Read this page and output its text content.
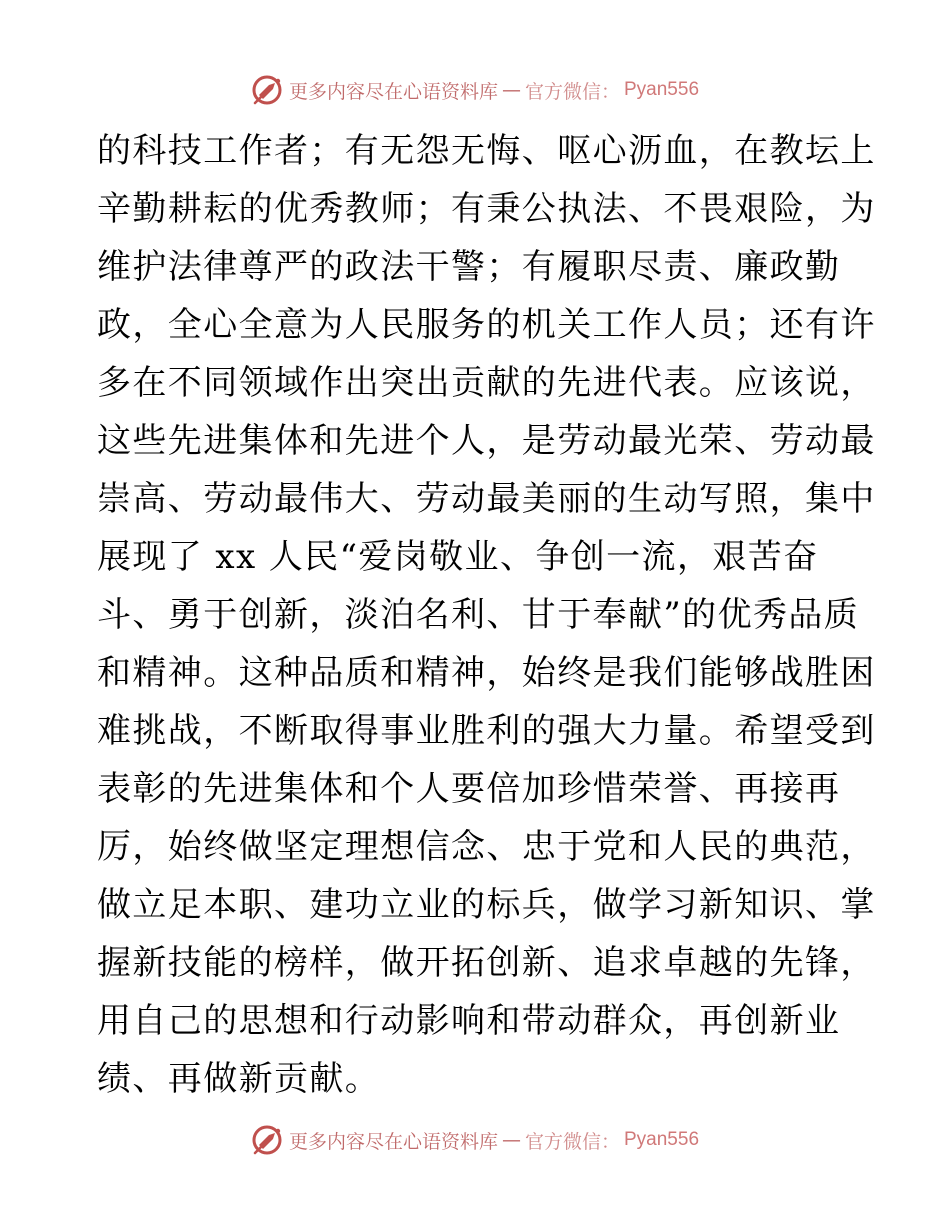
更多内容尽在心语资料库 — 官方微信： Pyan556
的科技工作者；有无怨无悔、呕心沥血，在教坛上
辛勤耕耘的优秀教师；有秉公执法、不畏艰险，为
维护法律尊严的政法干警；有履职尽责、廉政勤
政，全心全意为人民服务的机关工作人员；还有许
多在不同领域作出突出贡献的先进代表。应该说，
这些先进集体和先进个人，是劳动最光荣、劳动最
崇高、劳动最伟大、劳动最美丽的生动写照，集中
展现了 xx 人民“爱岗敬业、争创一流，艰苦奋
斗、勇于创新，淡泊名利、甘于奉献”的优秀品质
和精神。这种品质和精神，始终是我们能够战胜困
难挑战，不断取得事业胜利的强大力量。希望受到
表彰的先进集体和个人要倍加珍惜荣誉、再接再
厉，始终做坚定理想信念、忠于党和人民的典范，
做立足本职、建功立业的标兵，做学习新知识、掌
握新技能的榜样，做开拓创新、追求卓越的先锋，
用自己的思想和行动影响和带动群众，再创新业
绩、再做新贡献。
更多内容尽在心语资料库 — 官方微信： Pyan556
